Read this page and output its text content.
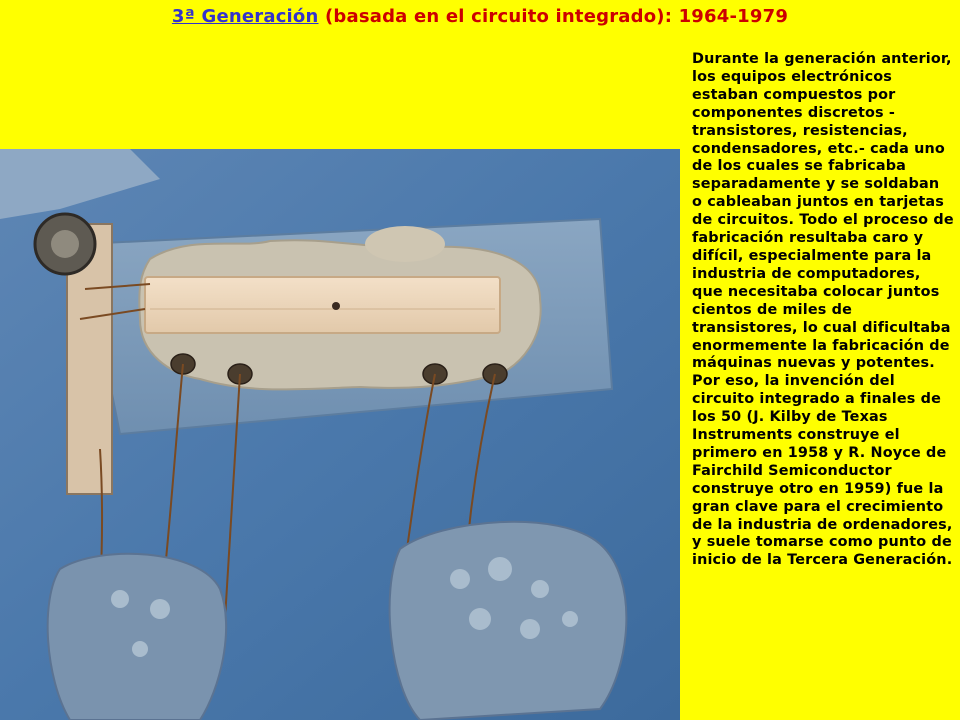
3ª Generación (basada en el circuito integrado): 1964-1979

Durante la generación anterior, los equipos electrónicos estaban compuestos por componentes discretos - transistores, resistencias, condensadores, etc.- cada uno de los cuales se fabricaba separadamente y se soldaban o cableaban juntos en tarjetas de circuitos. Todo el proceso de fabricación resultaba caro y difícil, especialmente para la industria de computadores, que necesitaba colocar juntos cientos de miles de transistores, lo cual dificultaba enormemente la fabricación de máquinas nuevas y potentes.

Por eso, la invención del circuito integrado a finales de los 50 (J. Kilby de Texas Instruments construye el primero en 1958 y R. Noyce de Fairchild Semiconductor construye otro en 1959) fue la gran clave para el crecimiento de la industria de ordenadores, y suele tomarse como punto de inicio de la Tercera Generación.
